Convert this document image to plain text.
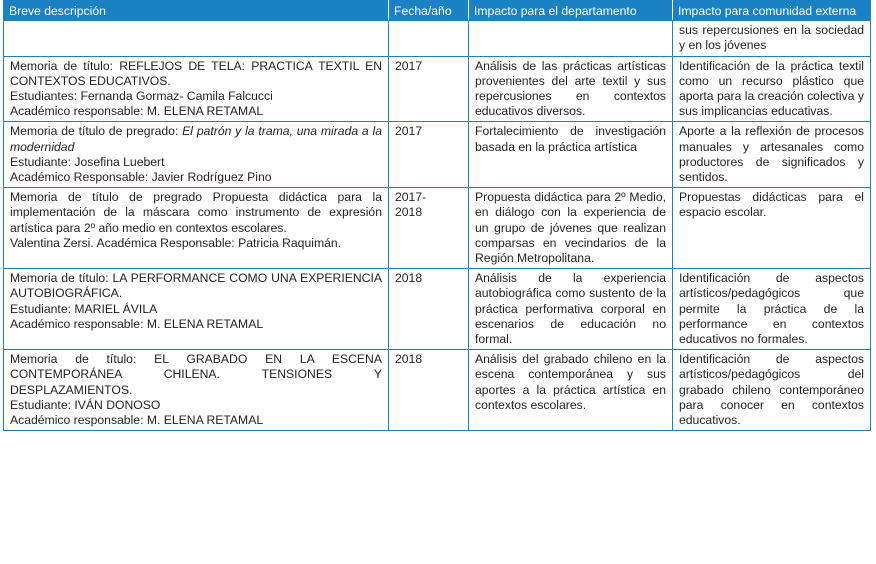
Breve descripción	Fecha/año	Impacto para el departamento	Impacto para comunidad externa
			sus repercusiones en la sociedad y en los jóvenes

Memoria de título: REFLEJOS DE TELA: PRACTICA TEXTIL EN CONTEXTOS EDUCATIVOS.
Estudiantes: Fernanda Gormaz- Camila Falcucci
Académico responsable: M. ELENA RETAMAL	2017	Análisis de las prácticas artísticas provenientes del arte textil y sus repercusiones en contextos educativos diversos.	Identificación de la práctica textil como un recurso plástico que aporta para la creación colectiva y sus implicancias educativas.

Memoria de título de pregrado: El patrón y la trama, una mirada a la modernidad
Estudiante: Josefina Luebert
Académico Responsable: Javier Rodríguez Pino	2017	Fortalecimiento de investigación basada en la práctica artística	Aporte a la reflexión de procesos manuales y artesanales como productores de significados y sentidos.

Memoria de título de pregrado Propuesta didáctica para la implementación de la máscara como instrumento de expresión artística para 2º año medio en contextos escolares.
Valentina Zersi. Académica Responsable: Patricia Raquimán.	2017-2018	Propuesta didáctica para 2º Medio, en diálogo con la experiencia de un grupo de jóvenes que realizan comparsas en vecindarios de la Región Metropolitana.	Propuestas didácticas para el espacio escolar.

Memoria de título: LA PERFORMANCE COMO UNA EXPERIENCIA AUTOBIOGRÁFICA.
Estudiante: MARIEL ÁVILA
Académico responsable: M. ELENA RETAMAL	2018	Análisis de la experiencia autobiográfica como sustento de la práctica performativa corporal en escenarios de educación no formal.	Identificación de aspectos artísticos/pedagógicos que permite la práctica de la performance en contextos educativos no formales.

Memoria de título: EL GRABADO EN LA ESCENA CONTEMPORÁNEA CHILENA. TENSIONES Y DESPLAZAMIENTOS.
Estudiante: IVÁN DONOSO
Académico responsable: M. ELENA RETAMAL	2018	Análisis del grabado chileno en la escena contemporánea y sus aportes a la práctica artística en contextos escolares.	Identificación de aspectos artísticos/pedagógicos del grabado chileno contemporáneo para conocer en contextos educativos.
